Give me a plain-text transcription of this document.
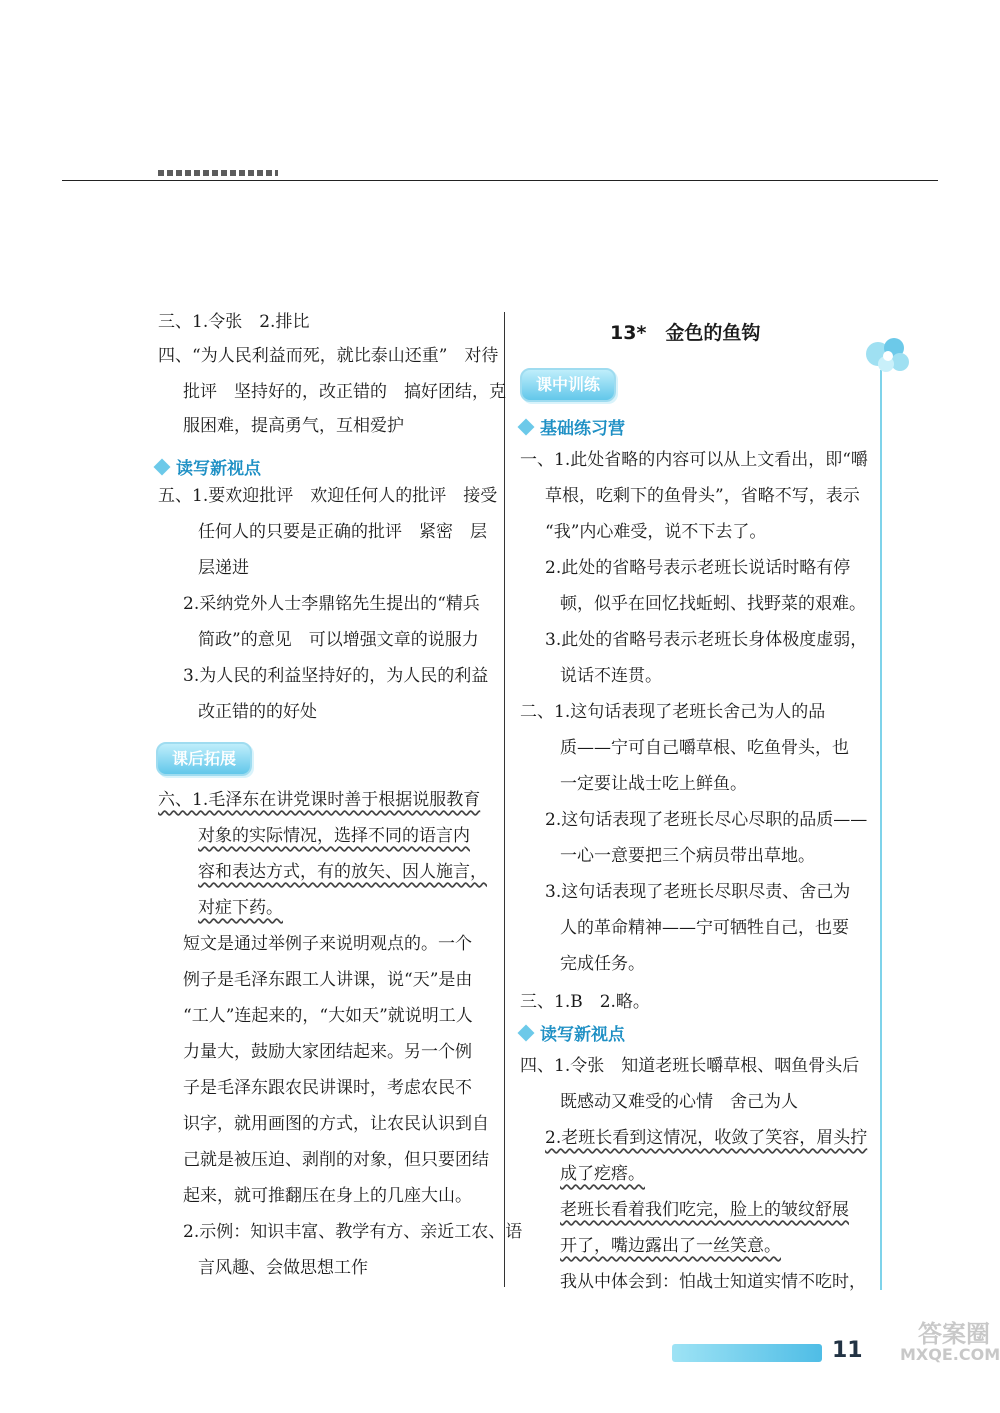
13*　金色的鱼钩
三、1.令张　2.排比
四、“为人民利益而死，就比泰山还重”　对待
批评　坚持好的，改正错的　搞好团结，克
服困难，提高勇气，互相爱护
读写新视点
五、1.要欢迎批评　欢迎任何人的批评　接受
任何人的只要是正确的批评　紧密　层
层递进
2.采纳党外人士李鼎铭先生提出的“精兵
简政”的意见　可以增强文章的说服力
3.为人民的利益坚持好的，为人民的利益
改正错的的好处
课后拓展
六、1.毛泽东在讲党课时善于根据说服教育
对象的实际情况，选择不同的语言内
容和表达方式，有的放矢、因人施言，
对症下药。
短文是通过举例子来说明观点的。一个
例子是毛泽东跟工人讲课，说“天”是由
“工人”连起来的，“大如天”就说明工人
力量大，鼓励大家团结起来。另一个例
子是毛泽东跟农民讲课时，考虑农民不
识字，就用画图的方式，让农民认识到自
己就是被压迫、剥削的对象，但只要团结
起来，就可推翻压在身上的几座大山。
2.示例：知识丰富、教学有方、亲近工农、语
言风趣、会做思想工作
课中训练
基础练习营
一、1.此处省略的内容可以从上文看出，即“嚼
草根，吃剩下的鱼骨头”，省略不写，表示
“我”内心难受，说不下去了。
2.此处的省略号表示老班长说话时略有停
顿，似乎在回忆找蚯蚓、找野菜的艰难。
3.此处的省略号表示老班长身体极度虚弱，
说话不连贯。
二、1.这句话表现了老班长舍己为人的品
质——宁可自己嚼草根、吃鱼骨头，也
一定要让战士吃上鲜鱼。
2.这句话表现了老班长尽心尽职的品质——
一心一意要把三个病员带出草地。
3.这句话表现了老班长尽职尽责、舍己为
人的革命精神——宁可牺牲自己，也要
完成任务。
三、1.B　2.略。
读写新视点
四、1.令张　知道老班长嚼草根、咽鱼骨头后
既感动又难受的心情　舍己为人
2.老班长看到这情况，收敛了笑容，眉头拧
成了疙瘩。
老班长看着我们吃完，脸上的皱纹舒展
开了，嘴边露出了一丝笑意。
我从中体会到：怕战士知道实情不吃时，
11
答案圈
MXQE.COM
